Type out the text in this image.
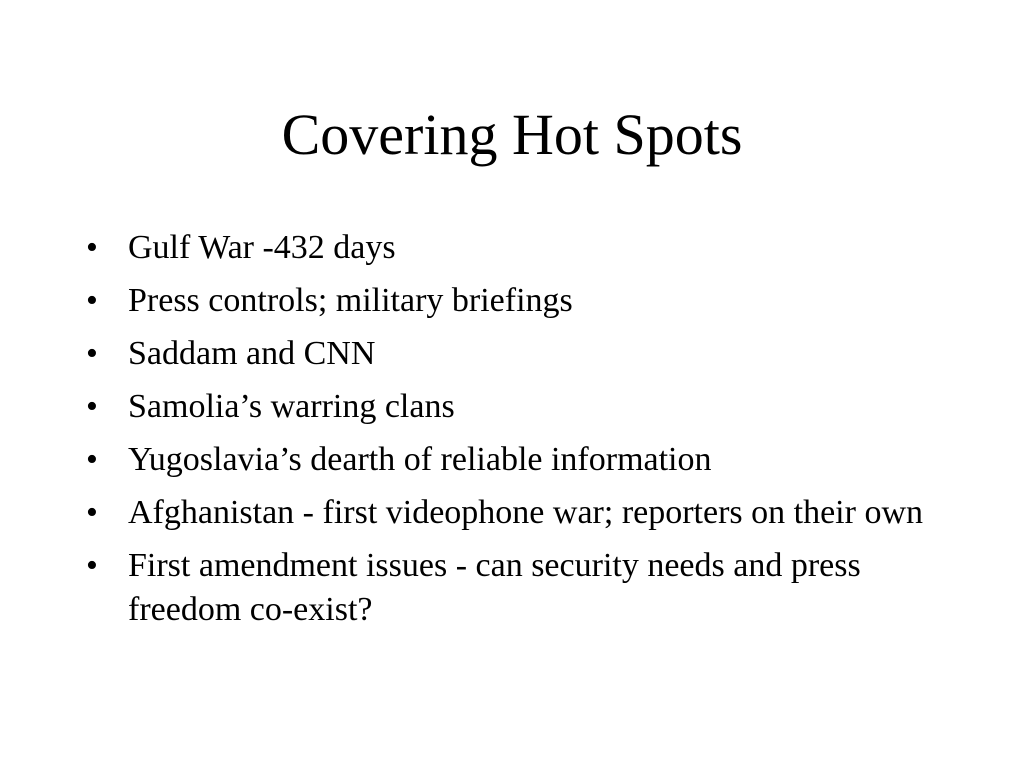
Covering Hot Spots
• Gulf War -432 days
• Press controls; military briefings
• Saddam and CNN
• Samolia’s warring clans
• Yugoslavia’s dearth of reliable information
• Afghanistan - first videophone war; reporters on their own
• First amendment issues - can security needs and press freedom co-exist?
